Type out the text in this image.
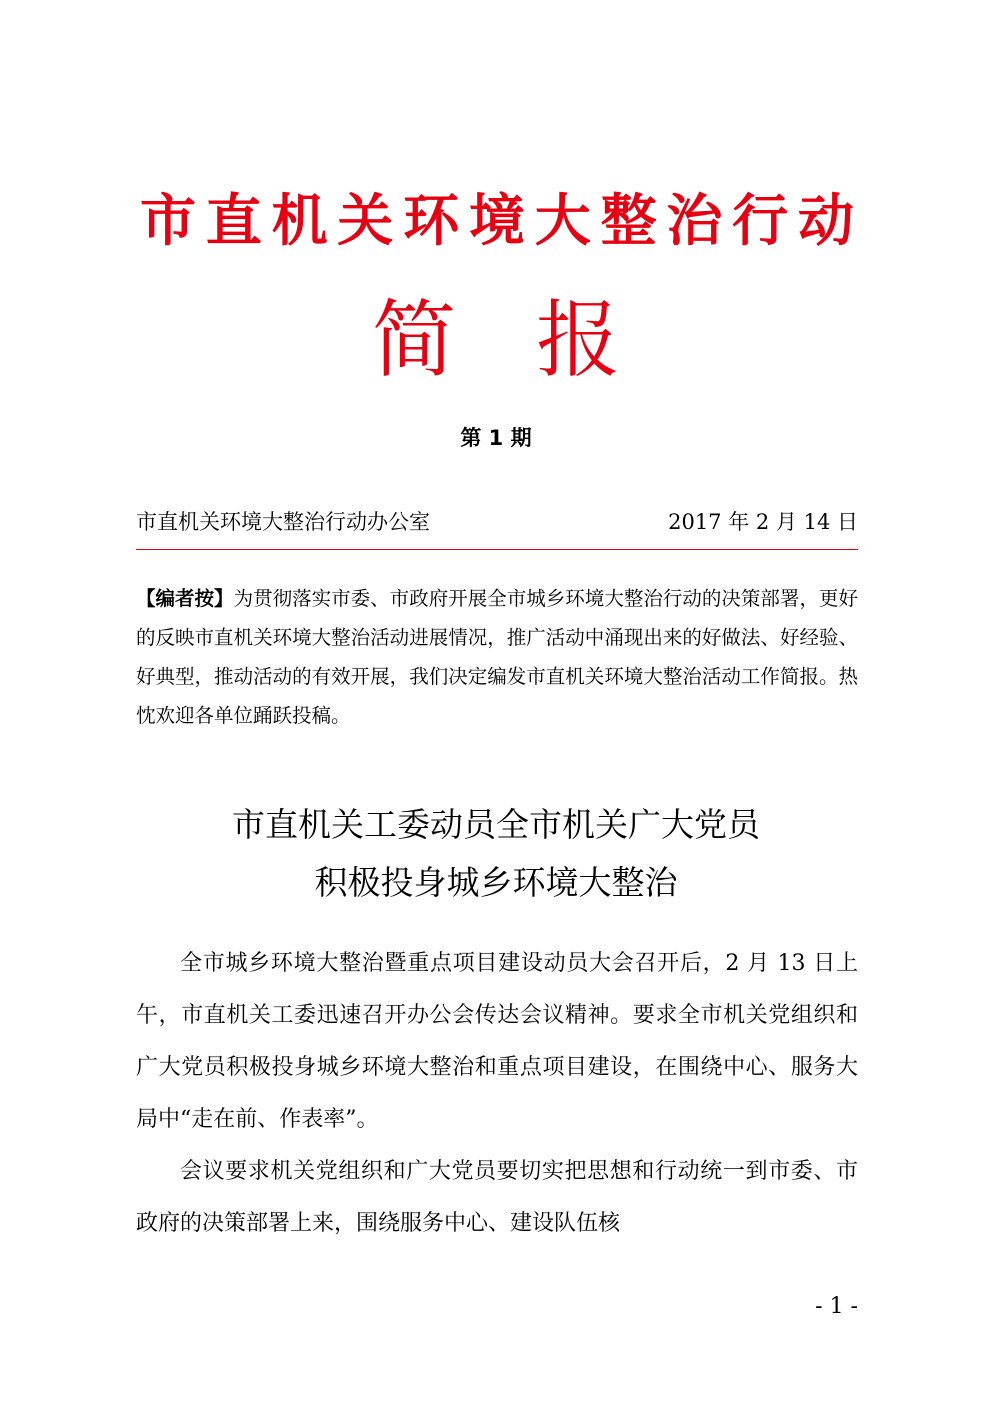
市 直 机 关 环 境 大 整 治 行 动
简   报
第 1 期
市直机关环境大整治行动办公室	2017 年 2 月 14 日
【编者按】为贯彻落实市委、市政府开展全市城乡环境大整治行动的决策部署，更好的反映市直机关环境大整治活动进展情况，推广活动中涌现出来的好做法、好经验、好典型，推动活动的有效开展，我们决定编发市直机关环境大整治活动工作简报。热忱欢迎各单位踊跃投稿。
市直机关工委动员全市机关广大党员
积极投身城乡环境大整治

全市城乡环境大整治暨重点项目建设动员大会召开后，2 月 13 日上午，市直机关工委迅速召开办公会传达会议精神。要求全市机关党组织和广大党员积极投身城乡环境大整治和重点项目建设，在围绕中心、服务大局中“走在前、作表率”。

会议要求机关党组织和广大党员要切实把思想和行动统一到市委、市政府的决策部署上来，围绕服务中心、建设队伍核

- 1 -
